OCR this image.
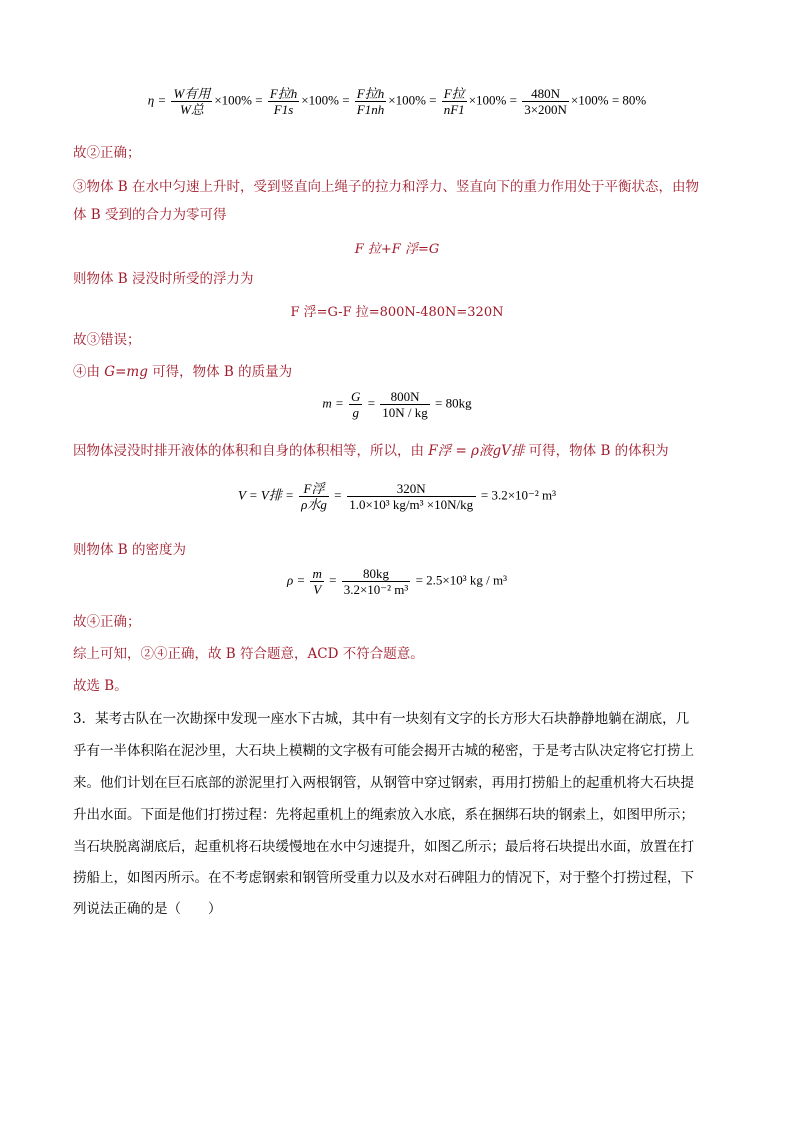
$\eta = \frac{\text{W有用}}{\text{W总}} \times 100\% = \frac{\text{F拉h}}{F1s} \times 100\% = \frac{\text{F拉h}}{F1nh} \times 100\% = \frac{\text{F拉}}{nF1} \times 100\% = \frac{480N}{3\times 200N} \times 100\% = 80\%$
故②正确；
③物体 B 在水中匀速上升时，受到竖直向上绳子的拉力和浮力、竖直向下的重力作用处于平衡状态，由物
体 B 受到的合力为零可得
F 拉+F 浮=G
则物体 B 浸没时所受的浮力为
F 浮=G-F 拉=800N-480N=320N
故③错误；
④由 G=mg 可得，物体 B 的质量为
$m = \frac{G}{g} = \frac{800N}{10N / kg} = 80kg$
因物体浸没时排开液体的体积和自身的体积相等，所以，由 F浮 = ρ液gV排 可得，物体 B 的体积为
V = V排 = $\frac{\text{F浮}}{\text{ρ水g}} = \frac{320N}{\text{1.0×10³ kg/m³ ×10N/kg}} = 3.2\times 10^{-2}$ m³
则物体 B 的密度为
$\rho = \frac{m}{V} = \frac{80kg}{\text{3.2×10⁻² m³}} = 2.5\times 10^3$ kg / m³
故④正确；
综上可知，②④正确，故 B 符合题意，ACD 不符合题意。
故选 B。
3．某考古队在一次勘探中发现一座水下古城，其中有一块刻有文字的长方形大石块静静地躺在湖底，几
乎有一半体积陷在泥沙里，大石块上模糊的文字极有可能会揭开古城的秘密，于是考古队决定将它打捞上
来。他们计划在巨石底部的淤泥里打入两根钢管，从钢管中穿过钢索，再用打捞船上的起重机将大石块提
升出水面。下面是他们打捞过程：先将起重机上的绳索放入水底，系在捆绑石块的钢索上，如图甲所示；
当石块脱离湖底后，起重机将石块缓慢地在水中匀速提升，如图乙所示；最后将石块提出水面，放置在打
捞船上，如图丙所示。在不考虑钢索和钢管所受重力以及水对石碑阻力的情况下，对于整个打捞过程，下
列说法正确的是（　　）
